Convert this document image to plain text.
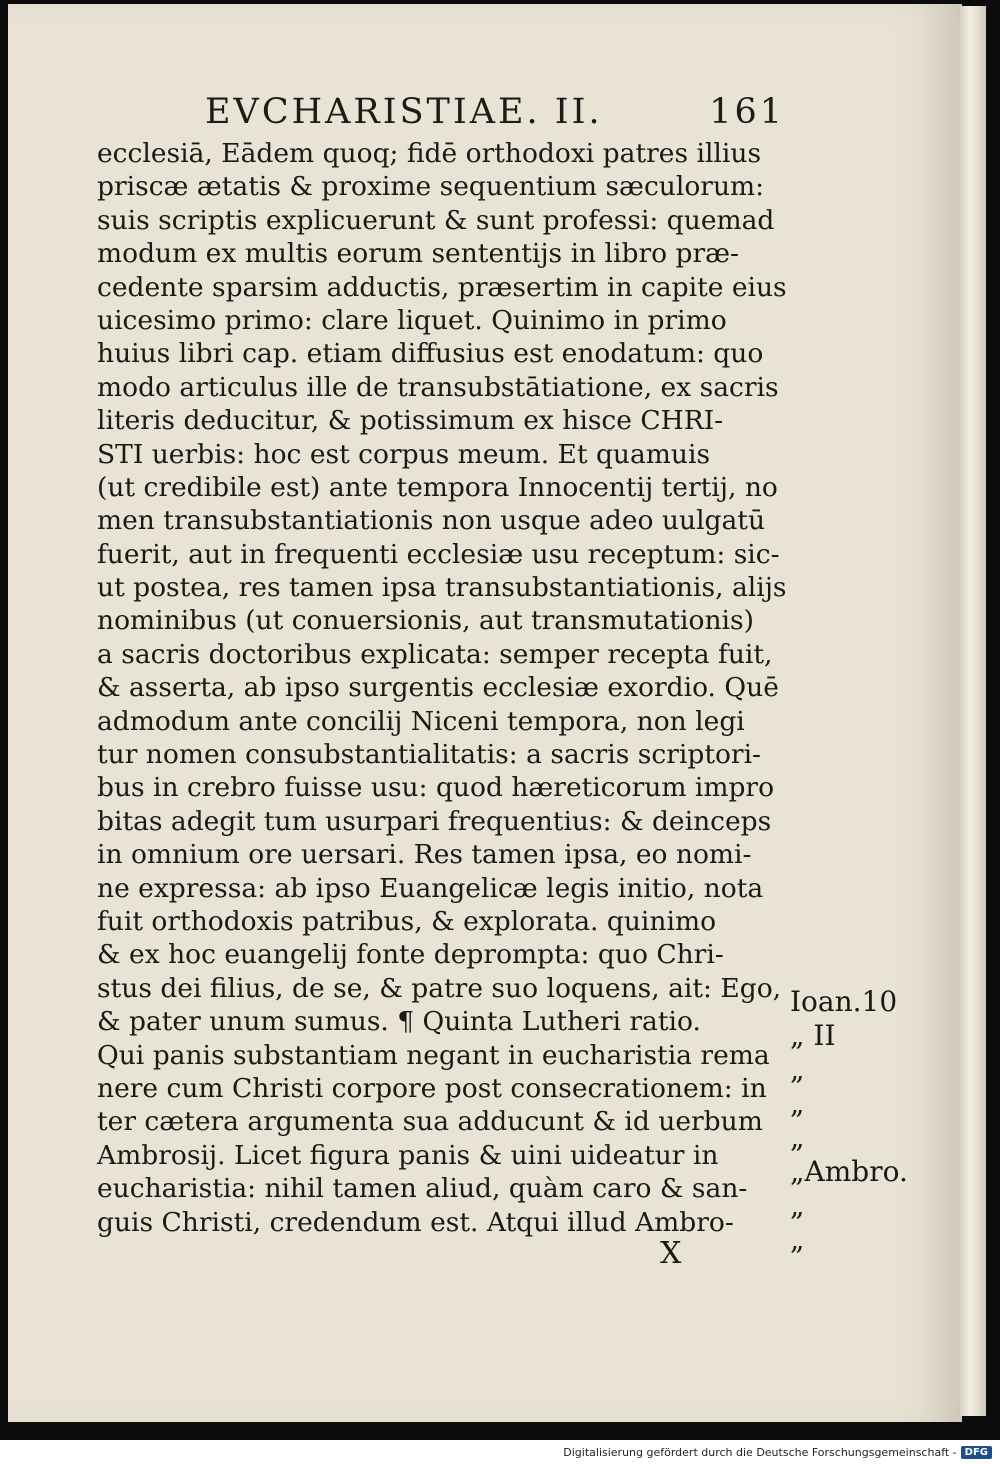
EVCHARISTIAE. II.	161
ecclesiā, Eādem quoq; fidē orthodoxi patres illius
priscæ ætatis & proxime sequentium sæculorum:
suis scriptis explicuerunt & sunt professi: quemad
modum ex multis eorum sententijs in libro præ-
cedente sparsim adductis, præsertim in capite eius
uicesimo primo: clare liquet. Quinimo in primo
huius libri cap. etiam diffusius est enodatum: quo
modo articulus ille de transubstātiatione, ex sacris
literis deducitur, & potissimum ex hisce CHRI-
STI uerbis: hoc est corpus meum. Et quamuis
(ut credibile est) ante tempora Innocentij tertij, no
men transubstantiationis non usque adeo uulgatū
fuerit, aut in frequenti ecclesiæ usu receptum: sic-
ut postea, res tamen ipsa transubstantiationis, alijs
nominibus (ut conuersionis, aut transmutationis)
a sacris doctoribus explicata: semper recepta fuit,
& asserta, ab ipso surgentis ecclesiæ exordio. Quē
admodum ante concilij Niceni tempora, non legi
tur nomen consubstantialitatis: a sacris scriptori-
bus in crebro fuisse usu: quod hæreticorum impro
bitas adegit tum usurpari frequentius: & deinceps
in omnium ore uersari. Res tamen ipsa, eo nomi-
ne expressa: ab ipso Euangelicæ legis initio, nota
fuit orthodoxis patribus, & explorata. quinimo
& ex hoc euangelij fonte deprompta: quo Chri-
stus dei filius, de se, & patre suo loquens, ait: Ego,
& pater unum sumus. ¶ Quinta Lutheri ratio.
Qui panis substantiam negant in eucharistia rema
nere cum Christi corpore post consecrationem: in
ter cætera argumenta sua adducunt & id uerbum
Ambrosij. Licet figura panis & uini uideatur in
eucharistia: nihil tamen aliud, quàm caro & san-
guis Christi, credendum est. Atqui illud Ambro-
X
Ioan.10
„ II
„
„
„
„Ambro.
„
„
Digitalisierung gefördert durch die Deutsche Forschungsgemeinschaft - DFG
